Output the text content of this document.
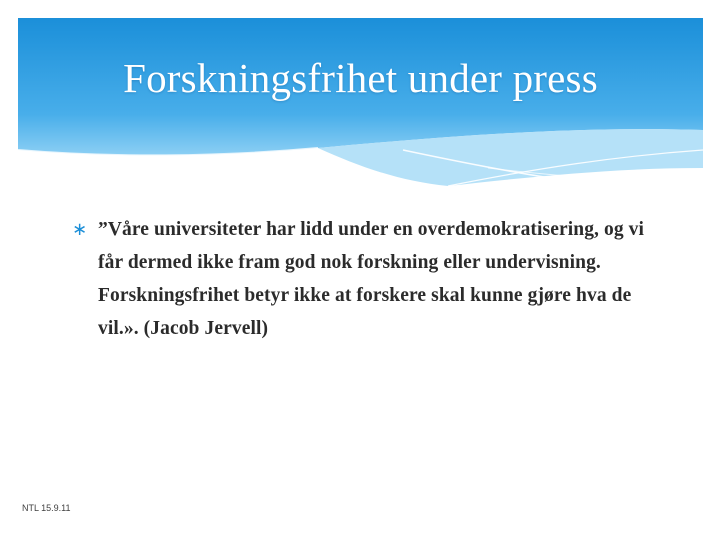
Forskningsfrihet under press
∗ ”Våre universiteter har lidd under en overdemokratisering, og vi får dermed ikke fram god nok forskning eller undervisning. Forskningsfrihet betyr ikke at forskere skal kunne gjøre hva de vil.». (Jacob Jervell)
NTL 15.9.11
